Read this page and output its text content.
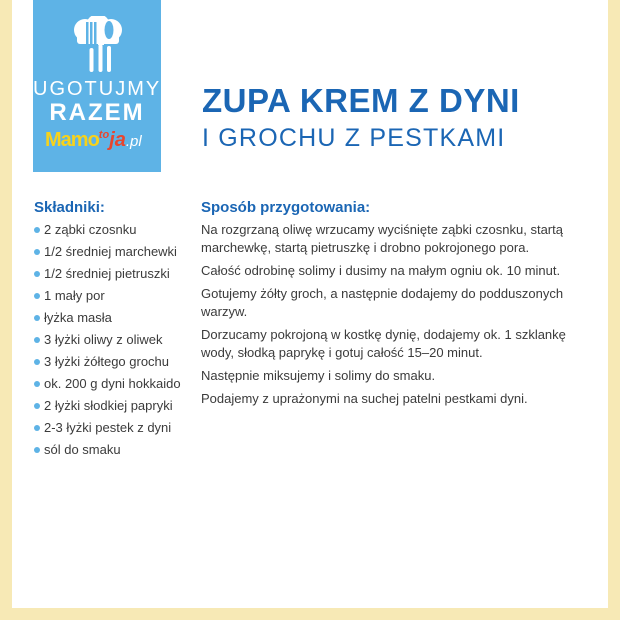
UGOTUJMY
RAZEM
Mamo$^{to}$ja.pl
ZUPA KREM Z DYNI
I GROCHU Z PESTKAMI
Składniki:
2 ząbki czosnku
1/2 średniej marchewki
1/2 średniej pietruszki
1 mały por
łyżka masła
3 łyżki oliwy z oliwek
3 łyżki żółtego grochu
ok. 200 g dyni hokkaido
2 łyżki słodkiej papryki
2-3 łyżki pestek z dyni
sól do smaku
Sposób przygotowania:

Na rozgrzaną oliwę wrzucamy wyciśnięte ząbki czosnku, startą marchewkę, startą pietruszkę i drobno pokrojonego pora.

Całość odrobinę solimy i dusimy na małym ogniu ok. 10 minut.

Gotujemy żółty groch, a następnie dodajemy do podduszonych warzyw.

Dorzucamy pokrojoną w kostkę dynię, dodajemy ok. 1 szklankę wody, słodką paprykę i gotuj całość 15–20 minut.

Następnie miksujemy i solimy do smaku.

Podajemy z uprażonymi na suchej patelni pestkami dyni.
